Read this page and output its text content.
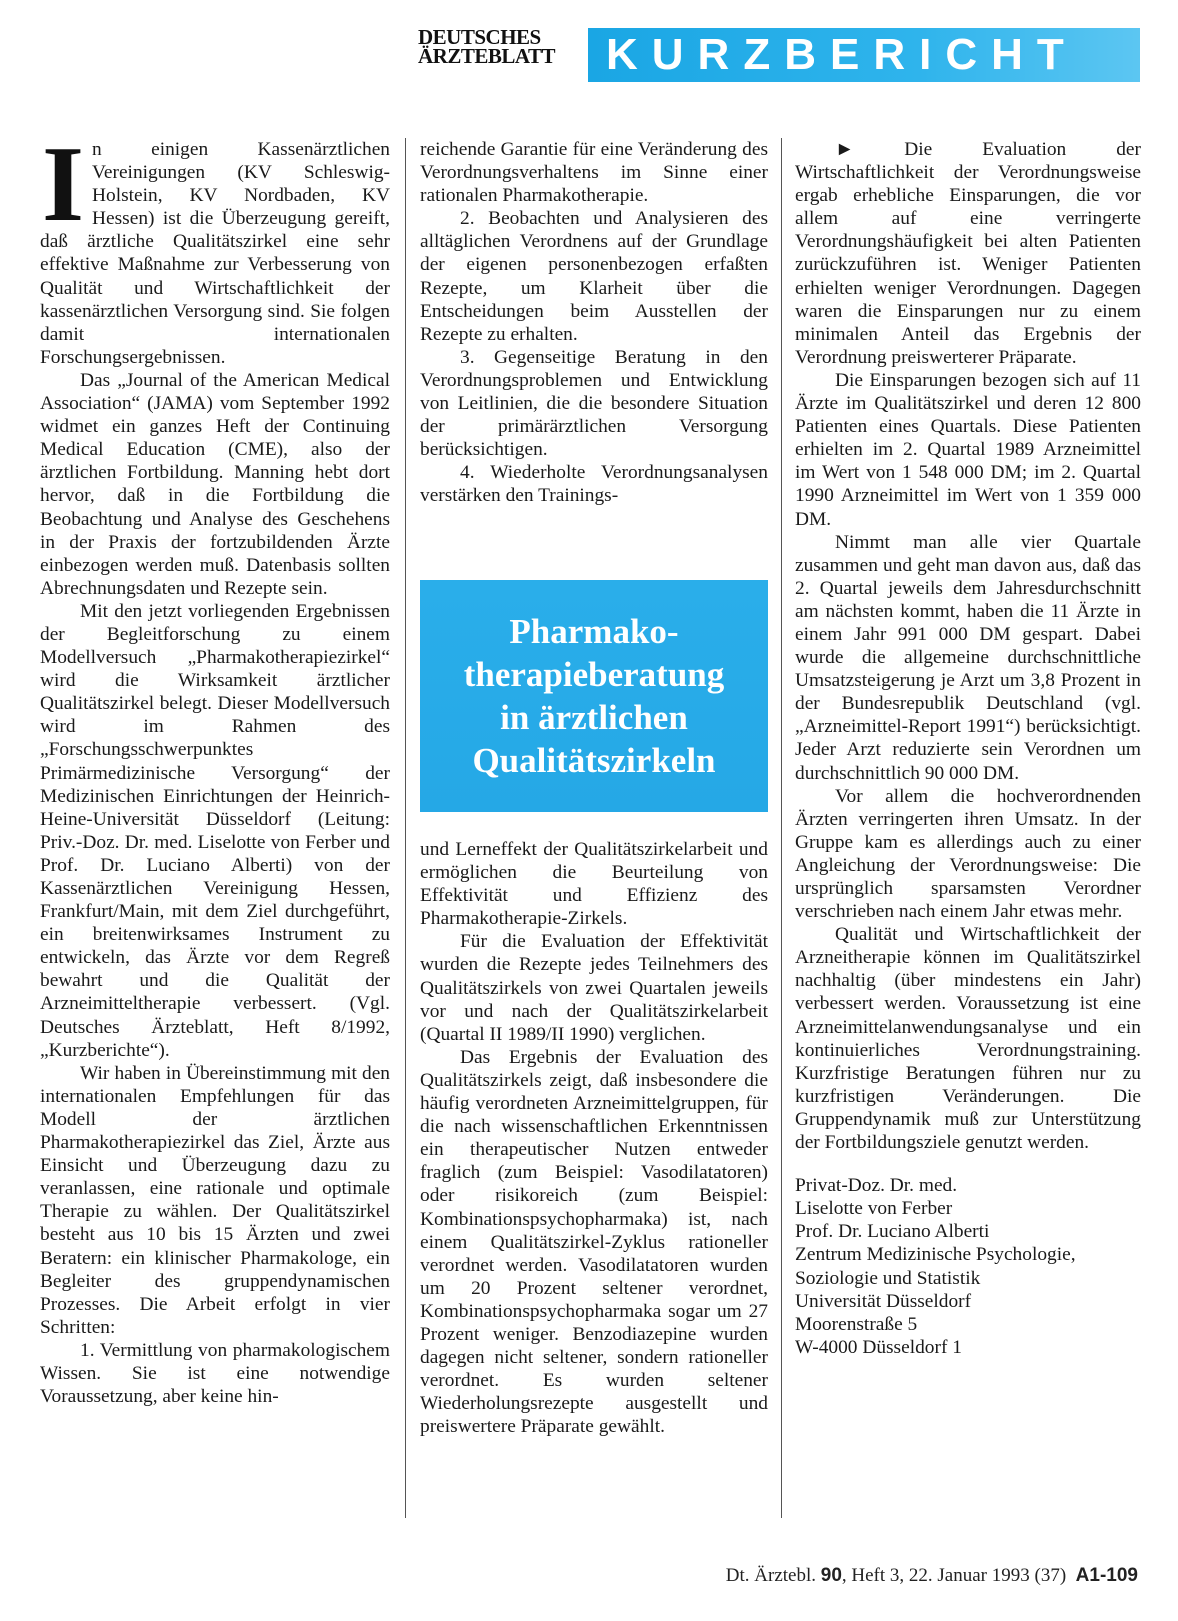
DEUTSCHES
ÄRZTEBLATT	KURZBERICHT

In einigen Kassenärztlichen Vereinigungen (KV Schleswig-Holstein, KV Nordbaden, KV Hessen) ist die Überzeugung gereift, daß ärztliche Qualitätszirkel eine sehr effektive Maßnahme zur Verbesserung von Qualität und Wirtschaftlichkeit der kassenärztlichen Versorgung sind. Sie folgen damit internationalen Forschungsergebnissen.

Das „Journal of the American Medical Association“ (JAMA) vom September 1992 widmet ein ganzes Heft der Continuing Medical Education (CME), also der ärztlichen Fortbildung. Manning hebt dort hervor, daß in die Fortbildung die Beobachtung und Analyse des Geschehens in der Praxis der fortzubildenden Ärzte einbezogen werden muß. Datenbasis sollten Abrechnungsdaten und Rezepte sein.

Mit den jetzt vorliegenden Ergebnissen der Begleitforschung zu einem Modellversuch „Pharmakotherapiezirkel“ wird die Wirksamkeit ärztlicher Qualitätszirkel belegt. Dieser Modellversuch wird im Rahmen des „Forschungsschwerpunktes Primärmedizinische Versorgung“ der Medizinischen Einrichtungen der Heinrich-Heine-Universität Düsseldorf (Leitung: Priv.-Doz. Dr. med. Liselotte von Ferber und Prof. Dr. Luciano Alberti) von der Kassenärztlichen Vereinigung Hessen, Frankfurt/Main, mit dem Ziel durchgeführt, ein breitenwirksames Instrument zu entwickeln, das Ärzte vor dem Regreß bewahrt und die Qualität der Arzneimitteltherapie verbessert. (Vgl. Deutsches Ärzteblatt, Heft 8/1992, „Kurzberichte“).

Wir haben in Übereinstimmung mit den internationalen Empfehlungen für das Modell der ärztlichen Pharmakotherapiezirkel das Ziel, Ärzte aus Einsicht und Überzeugung dazu zu veranlassen, eine rationale und optimale Therapie zu wählen. Der Qualitätszirkel besteht aus 10 bis 15 Ärzten und zwei Beratern: ein klinischer Pharmakologe, ein Begleiter des gruppendynamischen Prozesses. Die Arbeit erfolgt in vier Schritten:

1. Vermittlung von pharmakologischem Wissen. Sie ist eine notwendige Voraussetzung, aber keine hin-

reichende Garantie für eine Veränderung des Verordnungsverhaltens im Sinne einer rationalen Pharmakotherapie.

2. Beobachten und Analysieren des alltäglichen Verordnens auf der Grundlage der eigenen personenbezogen erfaßten Rezepte, um Klarheit über die Entscheidungen beim Ausstellen der Rezepte zu erhalten.

3. Gegenseitige Beratung in den Verordnungsproblemen und Entwicklung von Leitlinien, die die besondere Situation der primärärztlichen Versorgung berücksichtigen.

4. Wiederholte Verordnungsanalysen verstärken den Trainings-

Pharmako-
therapieberatung
in ärztlichen
Qualitätszirkeln

und Lerneffekt der Qualitätszirkelarbeit und ermöglichen die Beurteilung von Effektivität und Effizienz des Pharmakotherapie-Zirkels.

Für die Evaluation der Effektivität wurden die Rezepte jedes Teilnehmers des Qualitätszirkels von zwei Quartalen jeweils vor und nach der Qualitätszirkelarbeit (Quartal II 1989/II 1990) verglichen.

Das Ergebnis der Evaluation des Qualitätszirkels zeigt, daß insbesondere die häufig verordneten Arzneimittelgruppen, für die nach wissenschaftlichen Erkenntnissen ein therapeutischer Nutzen entweder fraglich (zum Beispiel: Vasodilatatoren) oder risikoreich (zum Beispiel: Kombinationspsychopharmaka) ist, nach einem Qualitätszirkel-Zyklus rationeller verordnet werden. Vasodilatatoren wurden um 20 Prozent seltener verordnet, Kombinationspsychopharmaka sogar um 27 Prozent weniger. Benzodiazepine wurden dagegen nicht seltener, sondern rationeller verordnet. Es wurden seltener Wiederholungsrezepte ausgestellt und preiswertere Präparate gewählt.

► Die Evaluation der Wirtschaftlichkeit der Verordnungsweise ergab erhebliche Einsparungen, die vor allem auf eine verringerte Verordnungshäufigkeit bei alten Patienten zurückzuführen ist. Weniger Patienten erhielten weniger Verordnungen. Dagegen waren die Einsparungen nur zu einem minimalen Anteil das Ergebnis der Verordnung preiswerterer Präparate.

Die Einsparungen bezogen sich auf 11 Ärzte im Qualitätszirkel und deren 12 800 Patienten eines Quartals. Diese Patienten erhielten im 2. Quartal 1989 Arzneimittel im Wert von 1 548 000 DM; im 2. Quartal 1990 Arzneimittel im Wert von 1 359 000 DM.

Nimmt man alle vier Quartale zusammen und geht man davon aus, daß das 2. Quartal jeweils dem Jahresdurchschnitt am nächsten kommt, haben die 11 Ärzte in einem Jahr 991 000 DM gespart. Dabei wurde die allgemeine durchschnittliche Umsatzsteigerung je Arzt um 3,8 Prozent in der Bundesrepublik Deutschland (vgl. „Arzneimittel-Report 1991“) berücksichtigt. Jeder Arzt reduzierte sein Verordnen um durchschnittlich 90 000 DM.

Vor allem die hochverordnenden Ärzten verringerten ihren Umsatz. In der Gruppe kam es allerdings auch zu einer Angleichung der Verordnungsweise: Die ursprünglich sparsamsten Verordner verschrieben nach einem Jahr etwas mehr.

Qualität und Wirtschaftlichkeit der Arzneitherapie können im Qualitätszirkel nachhaltig (über mindestens ein Jahr) verbessert werden. Voraussetzung ist eine Arzneimittelanwendungsanalyse und ein kontinuierliches Verordnungstraining. Kurzfristige Beratungen führen nur zu kurzfristigen Veränderungen. Die Gruppendynamik muß zur Unterstützung der Fortbildungsziele genutzt werden.

Privat-Doz. Dr. med.
Liselotte von Ferber
Prof. Dr. Luciano Alberti
Zentrum Medizinische Psychologie,
Soziologie und Statistik
Universität Düsseldorf
Moorenstraße 5
W-4000 Düsseldorf 1
Dt. Ärztebl. 90, Heft 3, 22. Januar 1993 (37) A1-109
